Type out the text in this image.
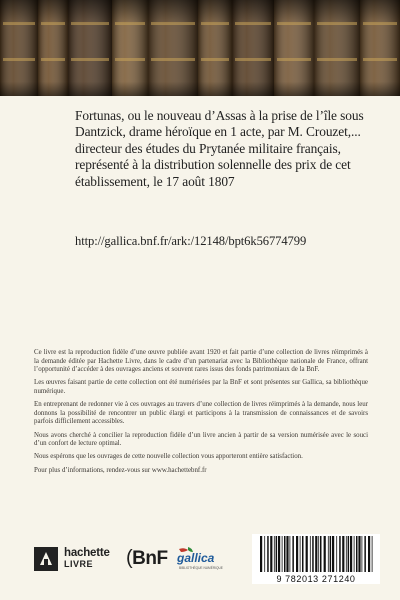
Fortunas, ou le nouveau d’Assas à la prise de l’île sous Dantzick, drame héroïque en 1 acte, par M. Crouzet,... directeur des études du Prytanée militaire français, représenté à la distribution solennelle des prix de cet établissement, le 17 août 1807
http://gallica.bnf.fr/ark:/12148/bpt6k56774799

Ce livre est la reproduction fidèle d’une œuvre publiée avant 1920 et fait partie d’une collection de livres réimprimés à la demande éditée par Hachette Livre, dans le cadre d’un partenariat avec la Bibliothèque nationale de France, offrant l’opportunité d’accéder à des ouvrages anciens et souvent rares issus des fonds patrimoniaux de la BnF.

Les œuvres faisant partie de cette collection ont été numérisées par la BnF et sont présentes sur Gallica, sa bibliothèque numérique.

En entreprenant de redonner vie à ces ouvrages au travers d’une collection de livres réimprimés à la demande, nous leur donnons la possibilité de rencontrer un public élargi et participons à la transmission de connaissances et de savoirs parfois difficilement accessibles.

Nous avons cherché à concilier la reproduction fidèle d’un livre ancien à partir de sa version numérisée avec le souci d’un confort de lecture optimal.

Nous espérons que les ouvrages de cette nouvelle collection vous apporteront entière satisfaction.

Pour plus d’informations, rendez-vous sur www.hachettebnf.fr

hachette
LIVRE (BnF gallica
BIBLIOTHÈQUE NUMÉRIQUE
9 782013 271240
